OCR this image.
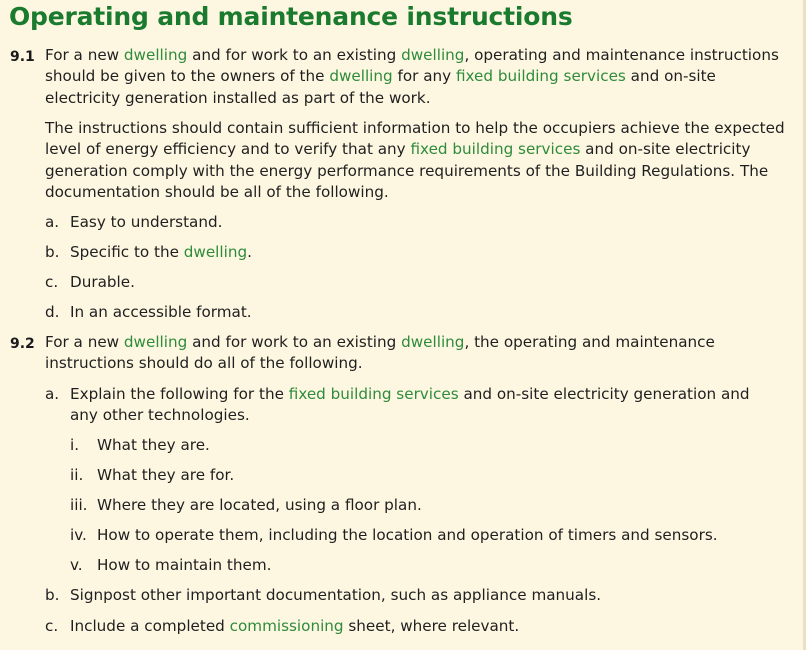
Operating and maintenance instructions
9.1 For a new dwelling and for work to an existing dwelling, operating and maintenance instructions should be given to the owners of the dwelling for any fixed building services and on-site electricity generation installed as part of the work.

The instructions should contain sufficient information to help the occupiers achieve the expected level of energy efficiency and to verify that any fixed building services and on-site electricity generation comply with the energy performance requirements of the Building Regulations. The documentation should be all of the following.

a. Easy to understand.

b. Specific to the dwelling.

c. Durable.

d. In an accessible format.

9.2 For a new dwelling and for work to an existing dwelling, the operating and maintenance instructions should do all of the following.

a. Explain the following for the fixed building services and on-site electricity generation and any other technologies.

i. What they are.

ii. What they are for.

iii. Where they are located, using a floor plan.

iv. How to operate them, including the location and operation of timers and sensors.

v. How to maintain them.

b. Signpost other important documentation, such as appliance manuals.

c. Include a completed commissioning sheet, where relevant.
